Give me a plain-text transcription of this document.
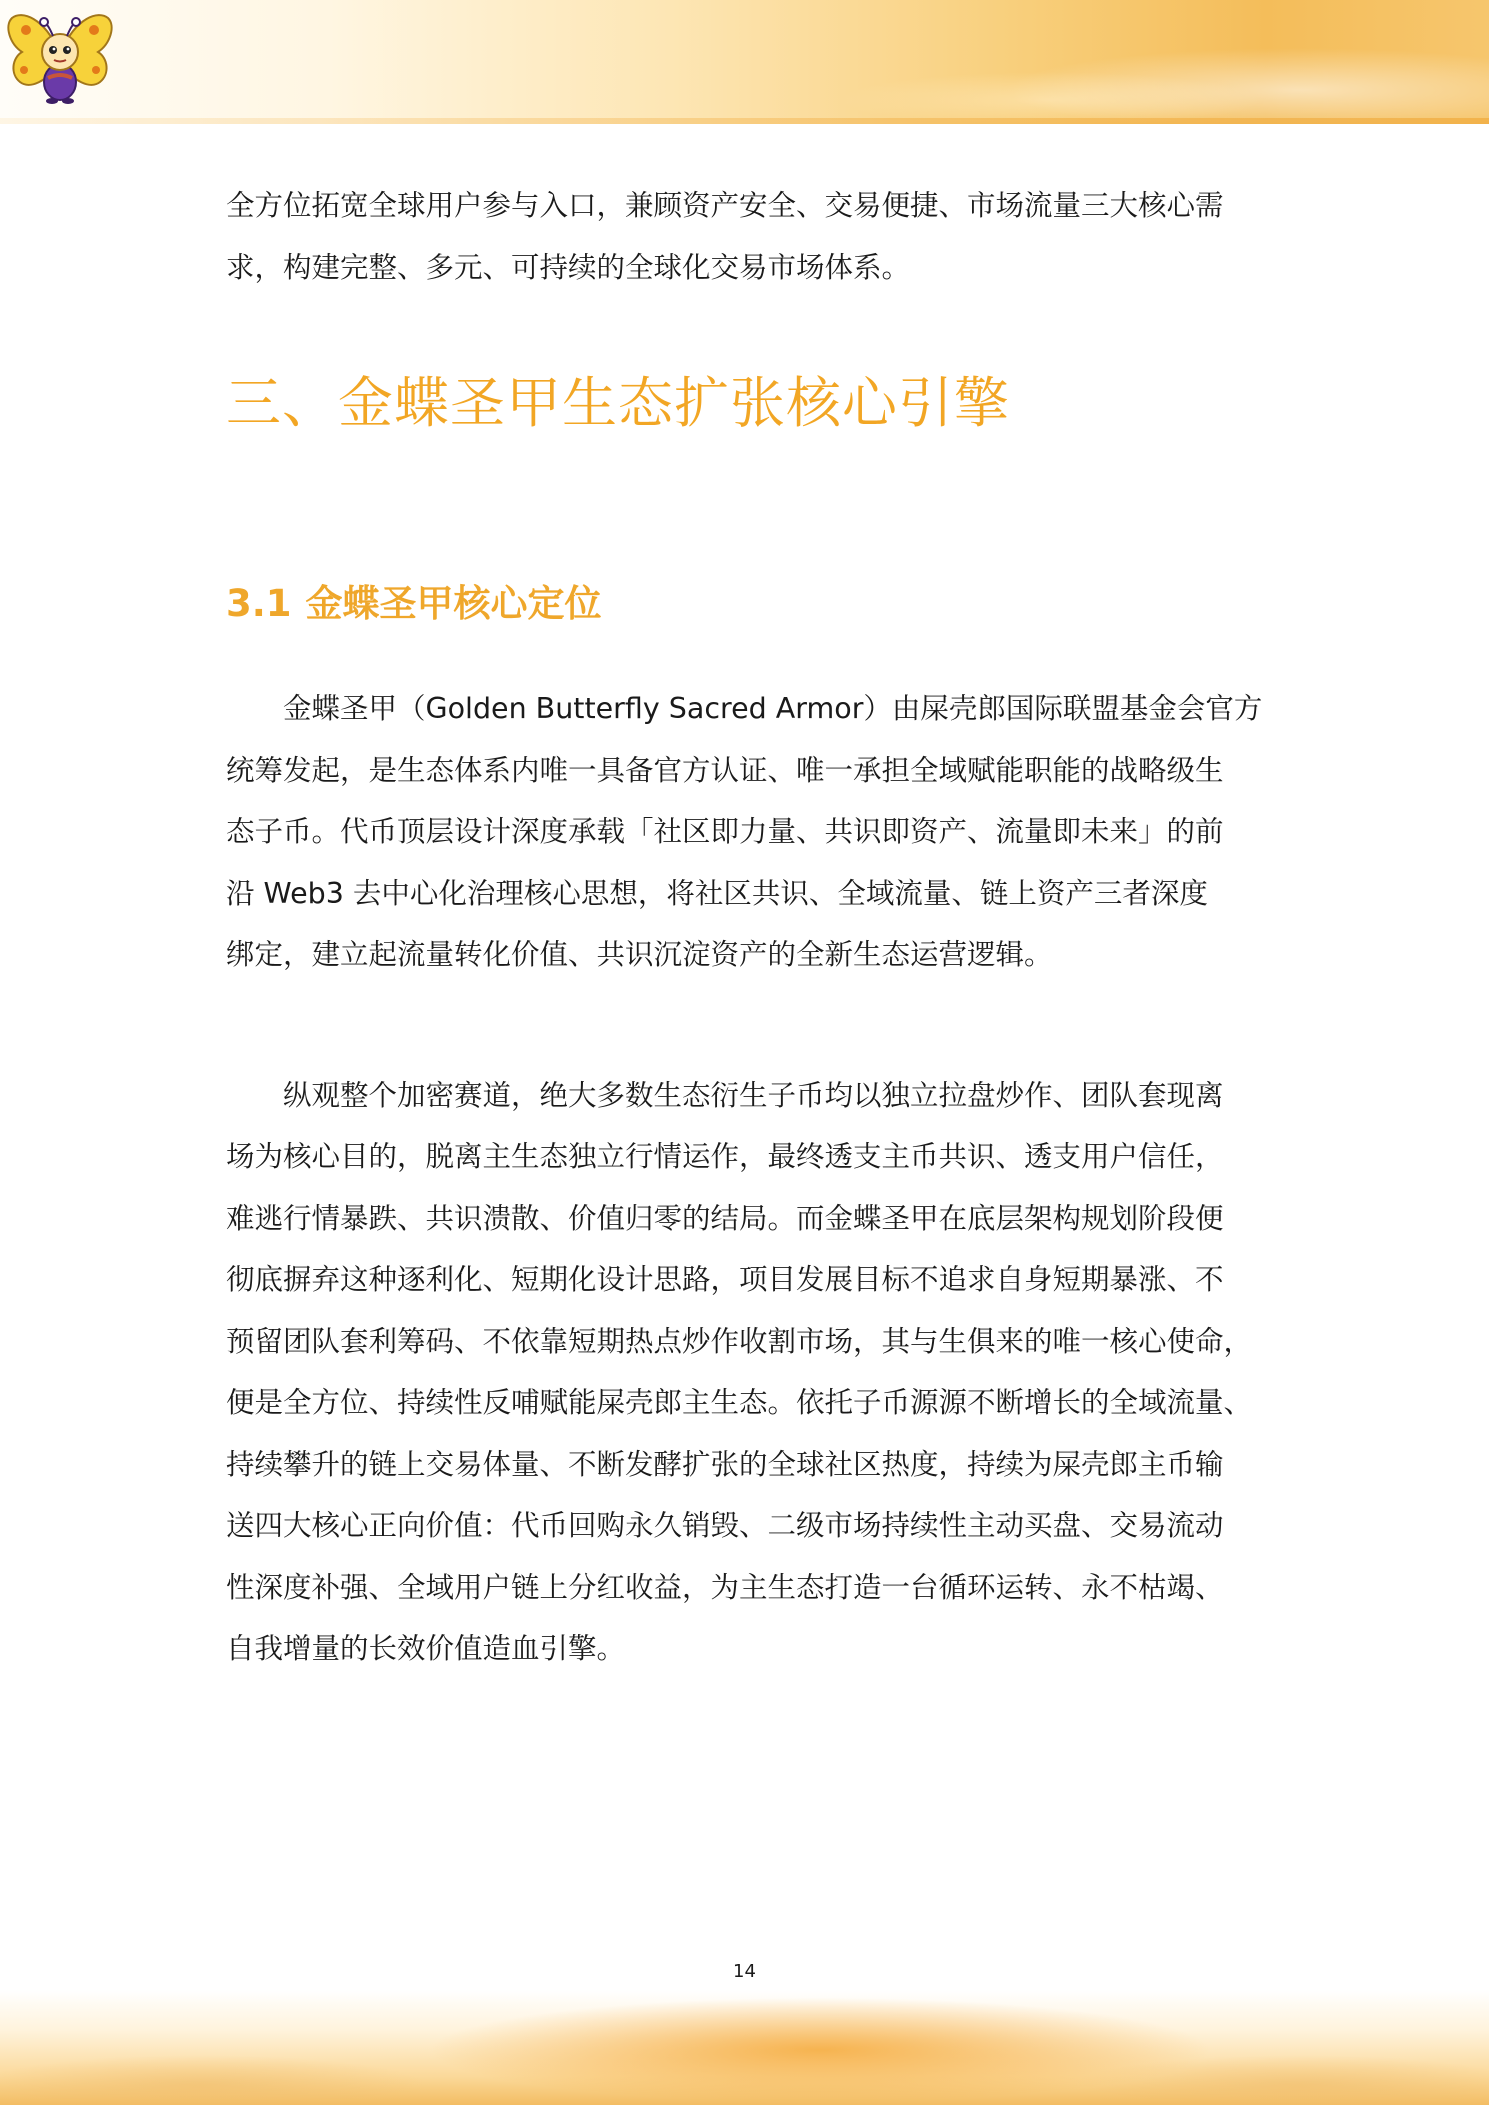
全方位拓宽全球用户参与入口，兼顾资产安全、交易便捷、市场流量三大核心需

求，构建完整、多元、可持续的全球化交易市场体系。

三、金蝶圣甲生态扩张核心引擎
3.1 金蝶圣甲核心定位

金蝶圣甲（Golden Butterfly Sacred Armor）由屎壳郎国际联盟基金会官方

统筹发起，是生态体系内唯一具备官方认证、唯一承担全域赋能职能的战略级生

态子币。代币顶层设计深度承载「社区即力量、共识即资产、流量即未来」的前

沿 Web3 去中心化治理核心思想，将社区共识、全域流量、链上资产三者深度

绑定，建立起流量转化价值、共识沉淀资产的全新生态运营逻辑。

纵观整个加密赛道，绝大多数生态衍生子币均以独立拉盘炒作、团队套现离

场为核心目的，脱离主生态独立行情运作，最终透支主币共识、透支用户信任，

难逃行情暴跌、共识溃散、价值归零的结局。而金蝶圣甲在底层架构规划阶段便

彻底摒弃这种逐利化、短期化设计思路，项目发展目标不追求自身短期暴涨、不

预留团队套利筹码、不依靠短期热点炒作收割市场，其与生俱来的唯一核心使命，

便是全方位、持续性反哺赋能屎壳郎主生态。依托子币源源不断增长的全域流量、

持续攀升的链上交易体量、不断发酵扩张的全球社区热度，持续为屎壳郎主币输

送四大核心正向价值：代币回购永久销毁、二级市场持续性主动买盘、交易流动

性深度补强、全域用户链上分红收益，为主生态打造一台循环运转、永不枯竭、

自我增量的长效价值造血引擎。

14
